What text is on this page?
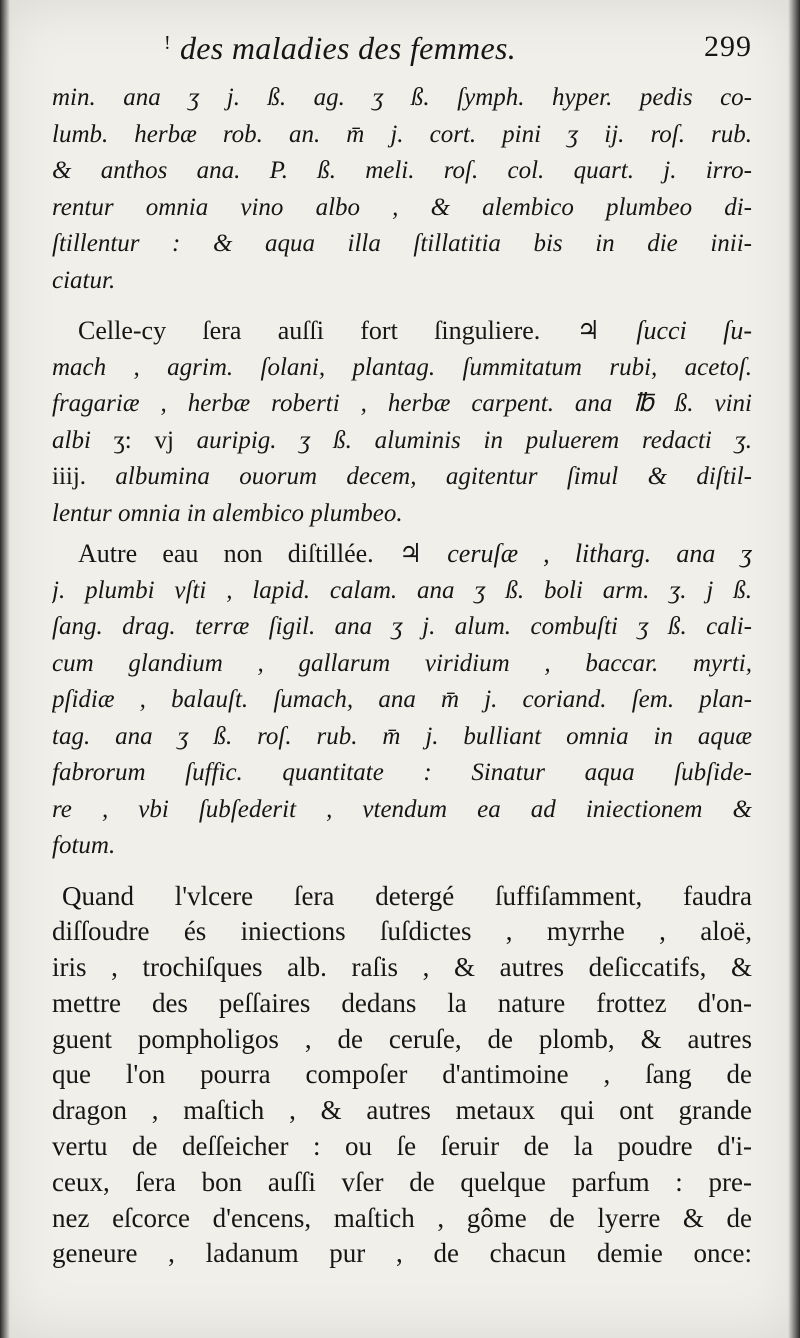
ǃ des maladies des femmes.	299
min. ana ʒ j. ß. ag. ʒ ß. ſymph. hyper. pedis co-
lumb. herbæ rob. an. m̄ j. cort. pini ʒ ij. roſ. rub.
& anthos ana. P. ß. meli. roſ. col. quart. j. irro-
rentur omnia vino albo , & alembico plumbeo di-
ſtillentur : & aqua illa ſtillatitia bis in die inii-
ciatur.
Celle-cy ſera auſſi fort ſinguliere. ♃ ſucci ſu-
mach , agrim. ſolani, plantag. ſummitatum rubi, acetoſ.
fragariæ , herbæ roberti , herbæ carpent. ana ℔ ß. vini
albi ʒ: vj auripig. ʒ ß. aluminis in puluerem redacti ʒ.
iiij. albumina ouorum decem, agitentur ſimul & diſtil-
lentur omnia in alembico plumbeo.
Autre eau non diſtillée. ♃ ceruſæ , litharg. ana ʒ
j. plumbi vſti , lapid. calam. ana ʒ ß. boli arm. ʒ. j ß.
ſang. drag. terræ ſigil. ana ʒ j. alum. combuſti ʒ ß. cali-
cum glandium , gallarum viridium , baccar. myrti,
pſidiæ , balauſt. ſumach, ana m̄ j. coriand. ſem. plan-
tag. ana ʒ ß. roſ. rub. m̄ j. bulliant omnia in aquæ
fabrorum ſuffic. quantitate : Sinatur aqua ſubſide-
re , vbi ſubſederit , vtendum ea ad iniectionem &
fotum.
Quand l'vlcere ſera detergé ſuffiſamment, faudra
diſſoudre és iniections ſuſdictes , myrrhe , aloë,
iris , trochiſques alb. raſis , & autres deſiccatifs, &
mettre des peſſaires dedans la nature frottez d'on-
guent pompholigos , de ceruſe, de plomb, & autres
que l'on pourra compoſer d'antimoine , ſang de
dragon , maſtich , & autres metaux qui ont grande
vertu de deſſeicher : ou ſe ſeruir de la poudre d'i-
ceux, ſera bon auſſi vſer de quelque parfum : pre-
nez eſcorce d'encens, maſtich , gôme de lyerre & de
geneure , ladanum pur , de chacun demie once:
